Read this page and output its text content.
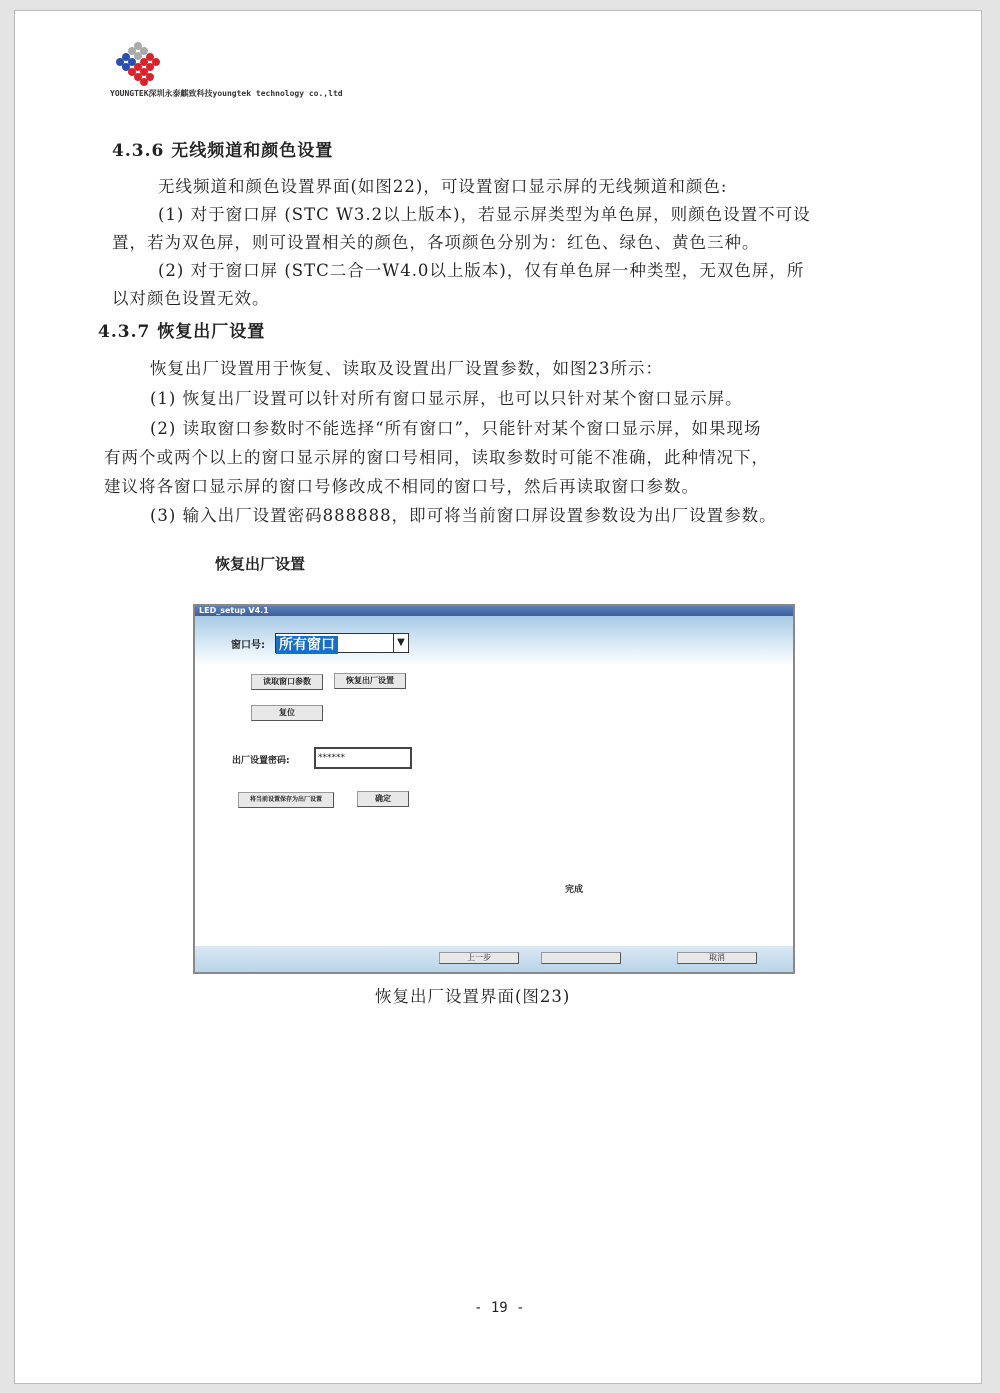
YOUNGTEK深圳永泰麒致科技youngtek technology co.,ltd
4.3.6 无线频道和颜色设置
无线频道和颜色设置界面(如图22)，可设置窗口显示屏的无线频道和颜色:
(1) 对于窗口屏 (STC W3.2以上版本)，若显示屏类型为单色屏，则颜色设置不可设
置，若为双色屏，则可设置相关的颜色，各项颜色分别为：红色、绿色、黄色三种。
(2) 对于窗口屏 (STC二合一W4.0以上版本)，仅有单色屏一种类型，无双色屏，所
以对颜色设置无效。
4.3.7 恢复出厂设置
恢复出厂设置用于恢复、读取及设置出厂设置参数，如图23所示：
(1) 恢复出厂设置可以针对所有窗口显示屏，也可以只针对某个窗口显示屏。
(2) 读取窗口参数时不能选择“所有窗口”，只能针对某个窗口显示屏，如果现场
有两个或两个以上的窗口显示屏的窗口号相同，读取参数时可能不准确，此种情况下，
建议将各窗口显示屏的窗口号修改成不相同的窗口号，然后再读取窗口参数。
(3) 输入出厂设置密码888888，即可将当前窗口屏设置参数设为出厂设置参数。
恢复出厂设置
LED_setup V4.1
窗口号: 所有窗口	▼
读取窗口参数	恢复出厂设置
复位
出厂设置密码:	******
将当前设置保存为出厂设置	确定
完成
上一步	取消
恢复出厂设置界面(图23)
- 19 -
